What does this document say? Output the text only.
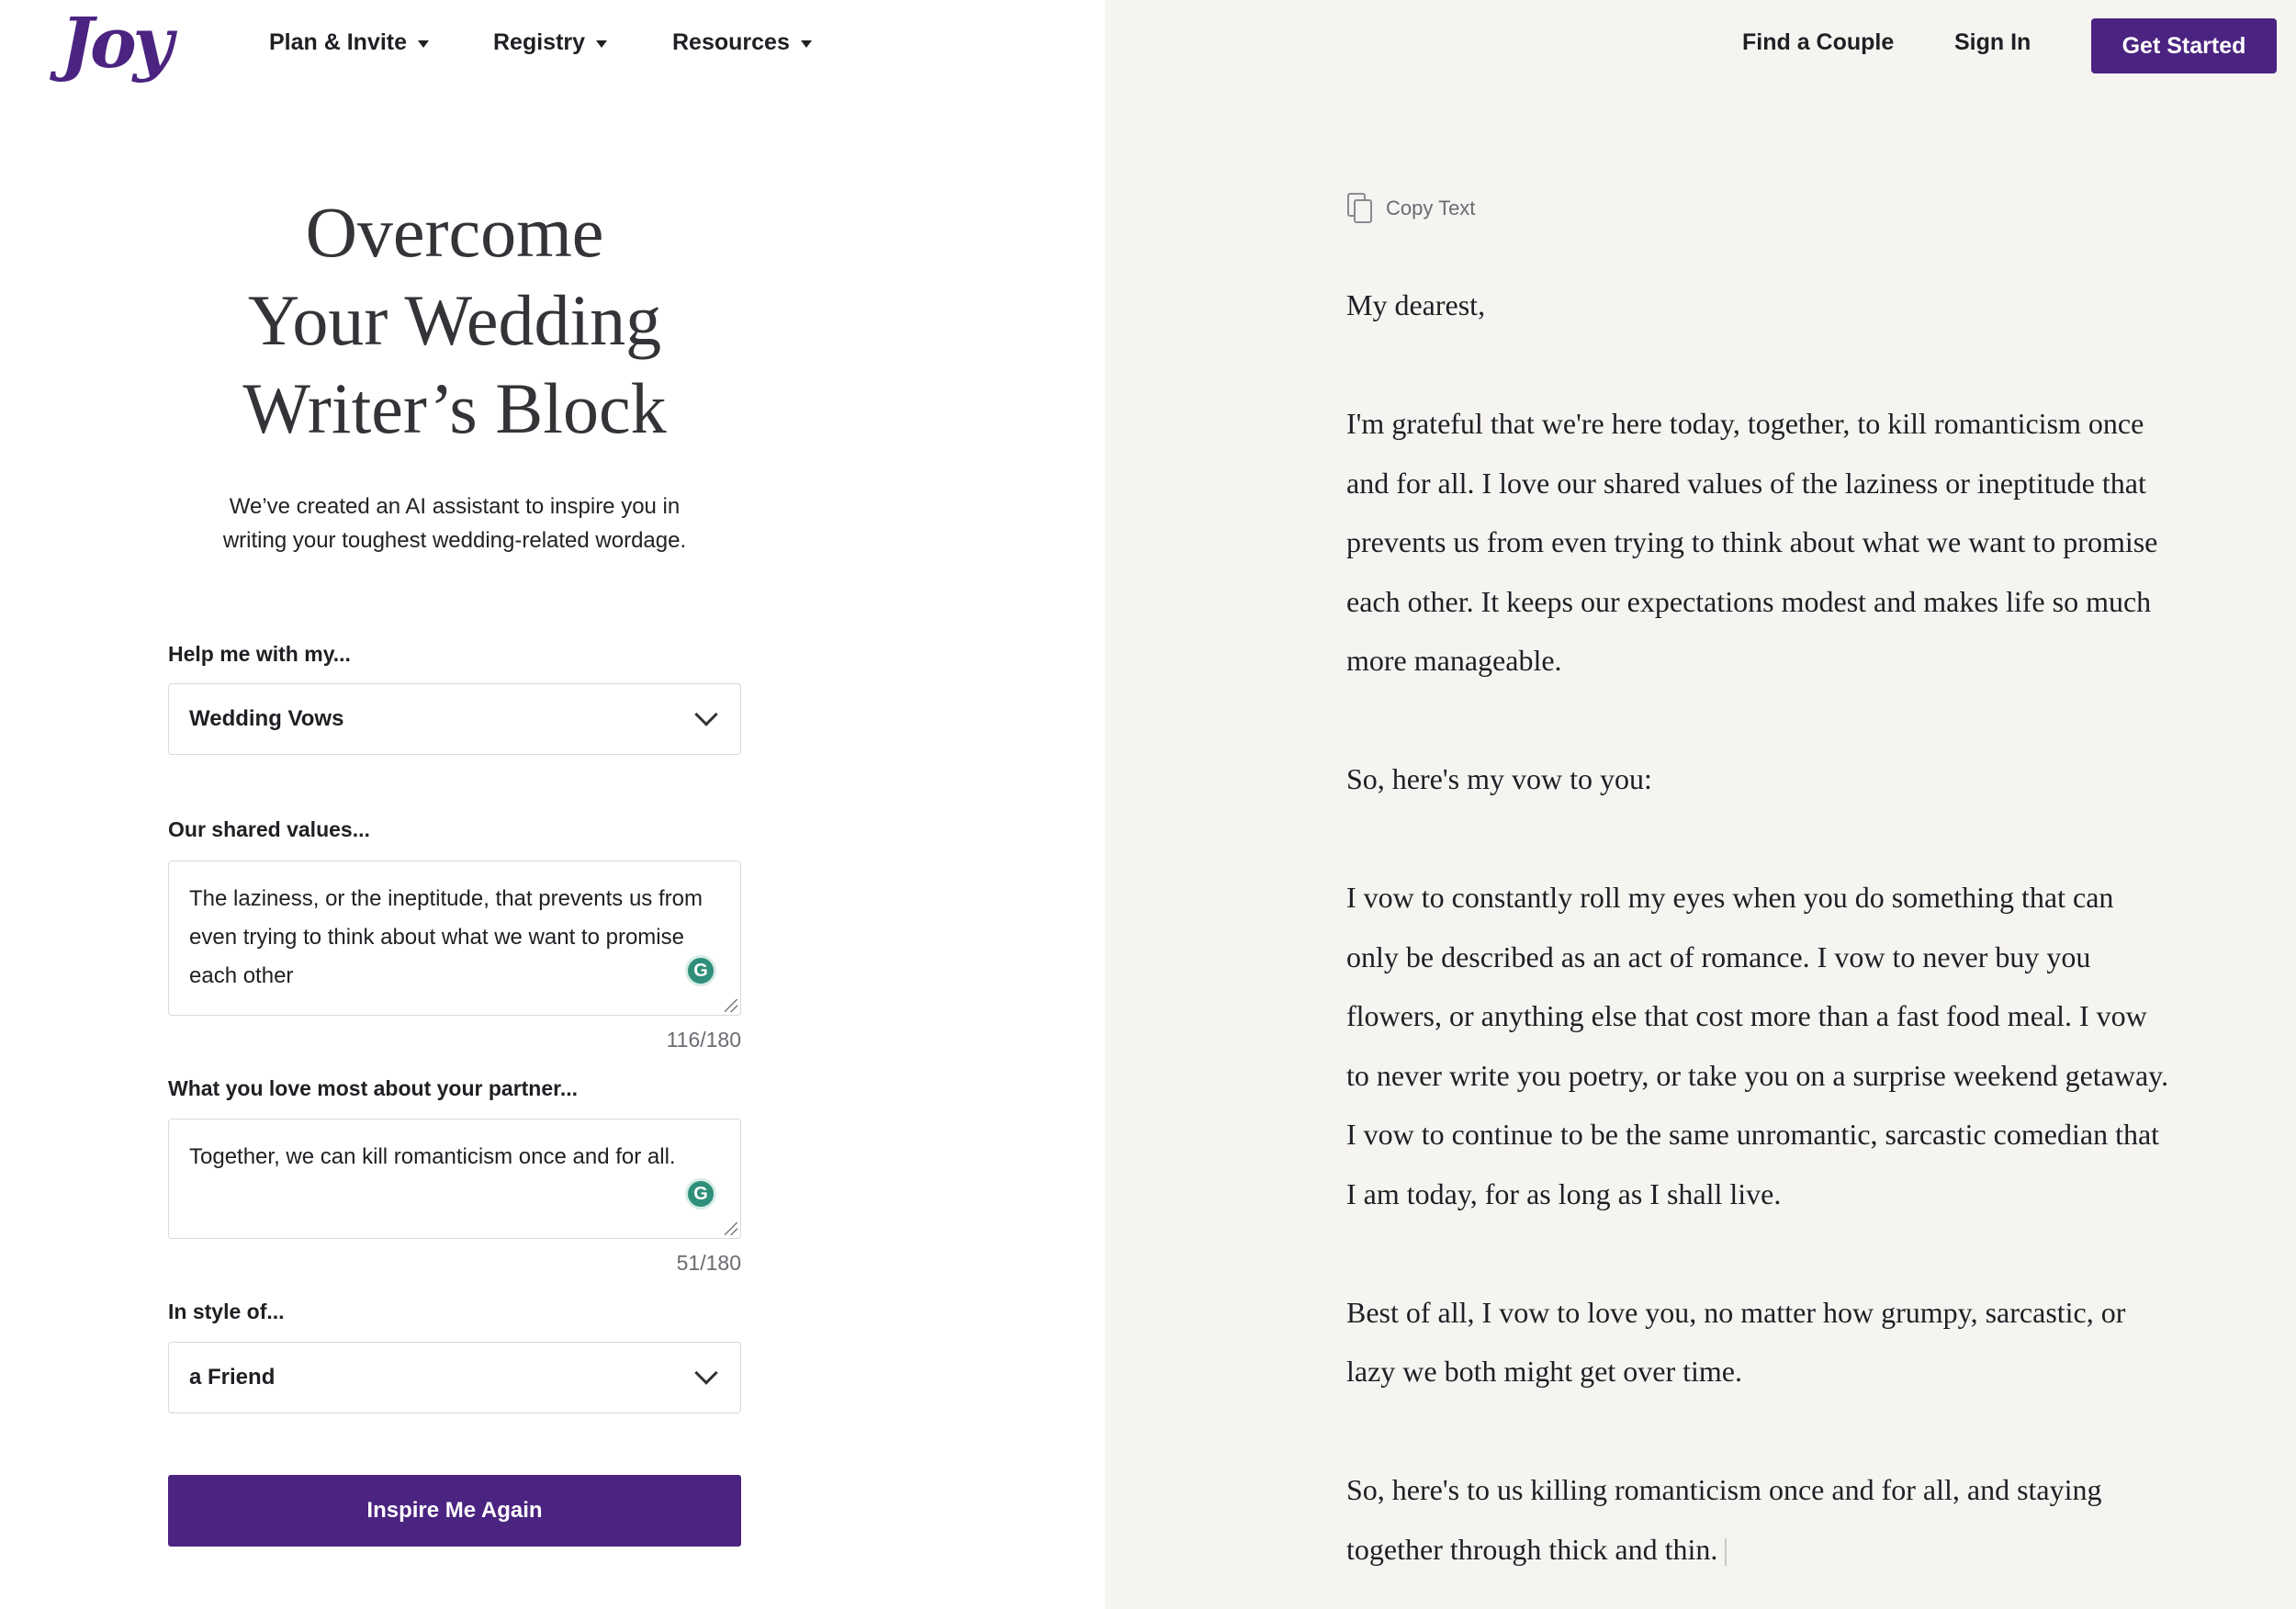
Joy	Plan & Invite	Registry	Resources	Find a Couple	Sign In	Get Started
Overcome
Your Wedding
Writer’s Block
We’ve created an AI assistant to inspire you in
writing your toughest wedding-related wordage.
Help me with my...
Wedding Vows
Our shared values...
The laziness, or the ineptitude, that prevents us from even trying to think about what we want to promise each other	G
116/180
What you love most about your partner...
Together, we can kill romanticism once and for all.
G
51/180
In style of...
a Friend
Inspire Me Again
Copy Text

My dearest,

I'm grateful that we're here today, together, to kill romanticism once and for all. I love our shared values of the laziness or ineptitude that prevents us from even trying to think about what we want to promise each other. It keeps our expectations modest and makes life so much more manageable.

So, here's my vow to you:

I vow to constantly roll my eyes when you do something that can only be described as an act of romance. I vow to never buy you flowers, or anything else that cost more than a fast food meal. I vow to never write you poetry, or take you on a surprise weekend getaway. I vow to continue to be the same unromantic, sarcastic comedian that I am today, for as long as I shall live.

Best of all, I vow to love you, no matter how grumpy, sarcastic, or lazy we both might get over time.

So, here's to us killing romanticism once and for all, and staying together through thick and thin.
